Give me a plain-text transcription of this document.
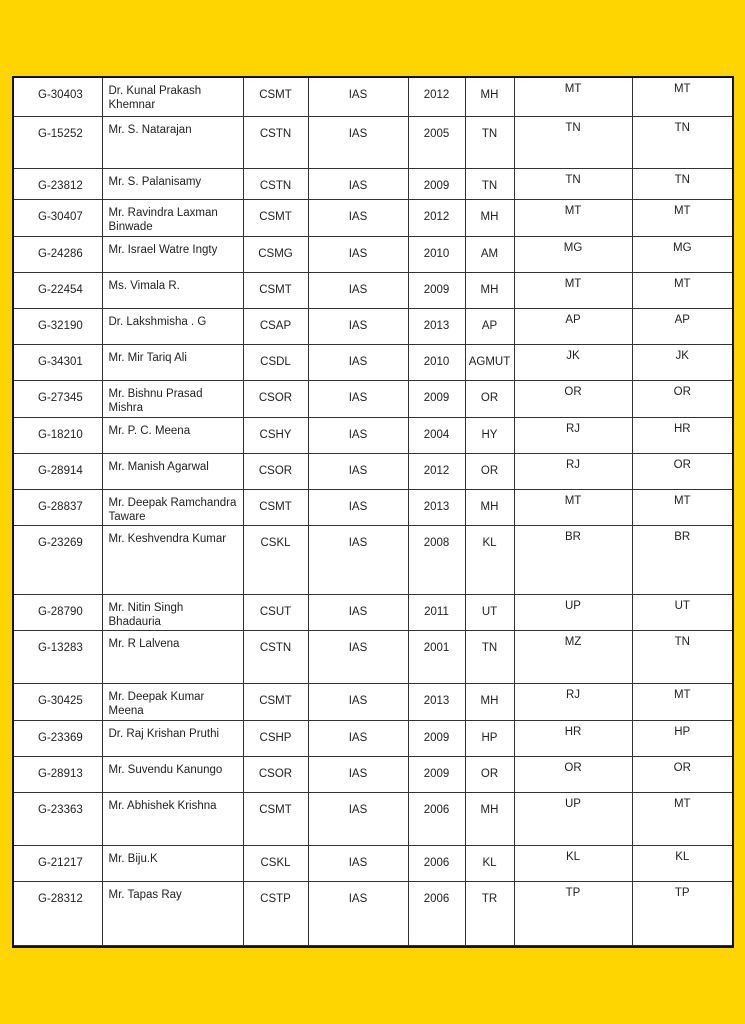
G-30403	Dr. Kunal Prakash Khemnar	CSMT	IAS	2012	MH	MT	MT
G-15252	Mr. S. Natarajan	CSTN	IAS	2005	TN	TN	TN
G-23812	Mr. S. Palanisamy	CSTN	IAS	2009	TN	TN	TN
G-30407	Mr. Ravindra Laxman Binwade	CSMT	IAS	2012	MH	MT	MT
G-24286	Mr. Israel Watre Ingty	CSMG	IAS	2010	AM	MG	MG
G-22454	Ms. Vimala R.	CSMT	IAS	2009	MH	MT	MT
G-32190	Dr. Lakshmisha . G	CSAP	IAS	2013	AP	AP	AP
G-34301	Mr. Mir Tariq Ali	CSDL	IAS	2010	AGMUT	JK	JK
G-27345	Mr. Bishnu Prasad Mishra	CSOR	IAS	2009	OR	OR	OR
G-18210	Mr. P. C. Meena	CSHY	IAS	2004	HY	RJ	HR
G-28914	Mr. Manish Agarwal	CSOR	IAS	2012	OR	RJ	OR
G-28837	Mr. Deepak Ramchandra Taware	CSMT	IAS	2013	MH	MT	MT
G-23269	Mr. Keshvendra Kumar	CSKL	IAS	2008	KL	BR	BR
G-28790	Mr. Nitin Singh Bhadauria	CSUT	IAS	2011	UT	UP	UT
G-13283	Mr. R Lalvena	CSTN	IAS	2001	TN	MZ	TN
G-30425	Mr. Deepak Kumar Meena	CSMT	IAS	2013	MH	RJ	MT
G-23369	Dr. Raj Krishan Pruthi	CSHP	IAS	2009	HP	HR	HP
G-28913	Mr. Suvendu Kanungo	CSOR	IAS	2009	OR	OR	OR
G-23363	Mr. Abhishek Krishna	CSMT	IAS	2006	MH	UP	MT
G-21217	Mr. Biju.K	CSKL	IAS	2006	KL	KL	KL
G-28312	Mr. Tapas Ray	CSTP	IAS	2006	TR	TP	TP
